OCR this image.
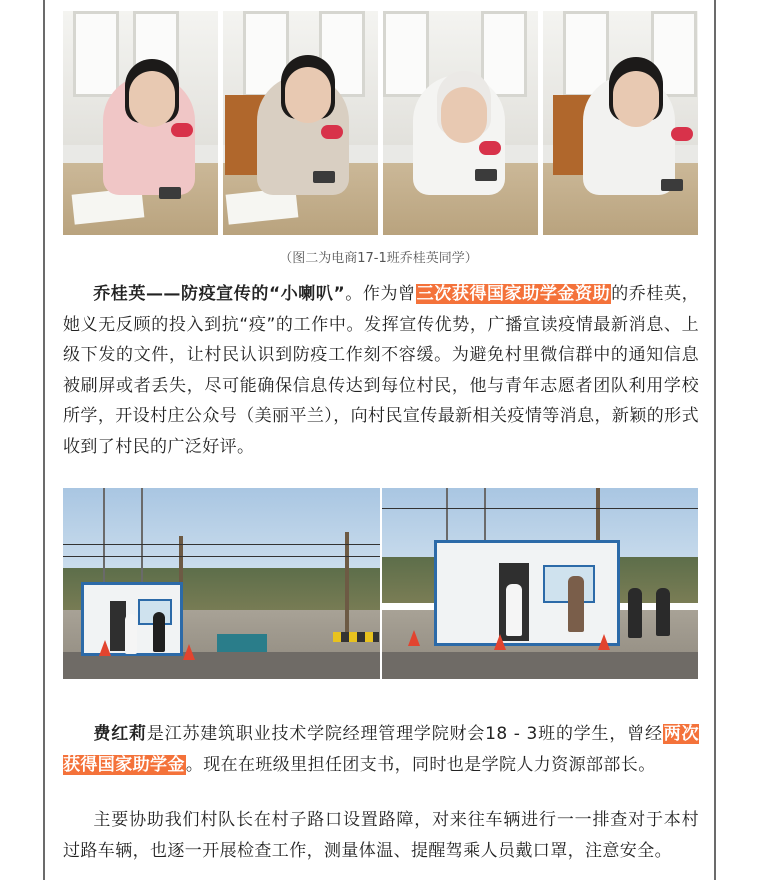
（图二为电商17-1班乔桂英同学）

乔桂英——防疫宣传的“小喇叭”。作为曾三次获得国家助学金资助的乔桂英，她义无反顾的投入到抗“疫”的工作中。发挥宣传优势，广播宣读疫情最新消息、上级下发的文件，让村民认识到防疫工作刻不容缓。为避免村里微信群中的通知信息被刷屏或者丢失，尽可能确保信息传达到每位村民，他与青年志愿者团队利用学校所学，开设村庄公众号（美丽平兰），向村民宣传最新相关疫情等消息，新颖的形式收到了村民的广泛好评。

费红莉是江苏建筑职业技术学院经理管理学院财会18 - 3班的学生，曾经两次获得国家助学金。现在在班级里担任团支书，同时也是学院人力资源部部长。

主要协助我们村队长在村子路口设置路障，对来往车辆进行一一排查对于本村过路车辆，也逐一开展检查工作，测量体温、提醒驾乘人员戴口罩，注意安全。
